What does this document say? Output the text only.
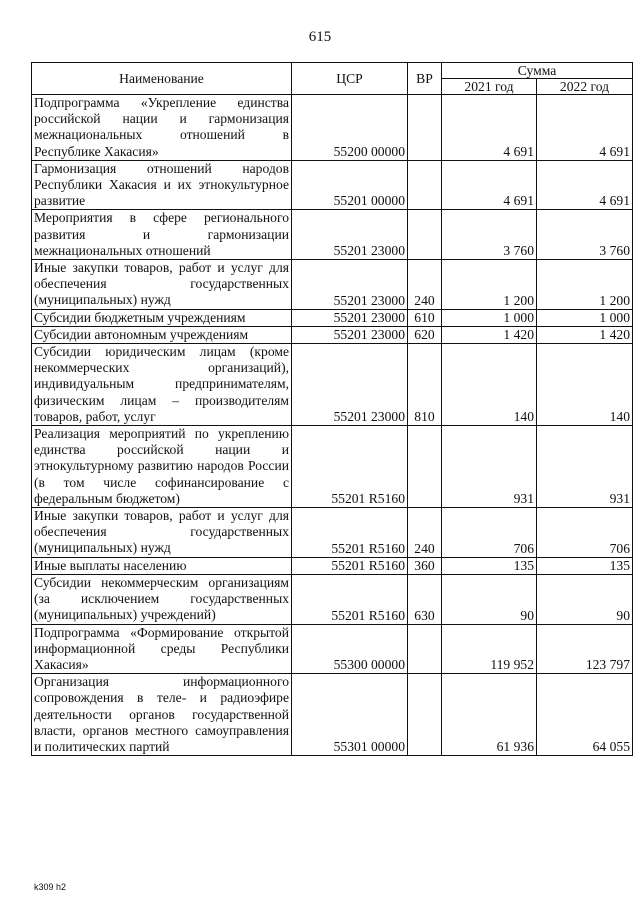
615
Наименование	ЦСР	ВР	Сумма	
			2021 год	2022 год
Подпрограмма «Укрепление единства российской нации и гармонизация межнациональных отношений в Республике Хакасия»	55200 00000		4 691	4 691
Гармонизация отношений народов Республики Хакасия и их этнокультурное развитие	55201 00000		4 691	4 691
Мероприятия в сфере регионального развития и гармонизации межнациональных отношений	55201 23000		3 760	3 760
Иные закупки товаров, работ и услуг для обеспечения государственных (муниципальных) нужд	55201 23000	240	1 200	1 200
Субсидии бюджетным учреждениям	55201 23000	610	1 000	1 000
Субсидии автономным учреждениям	55201 23000	620	1 420	1 420
Субсидии юридическим лицам (кроме некоммерческих организаций), индивидуальным предпринимателям, физическим лицам – производителям товаров, работ, услуг	55201 23000	810	140	140
Реализация мероприятий по укреплению единства российской нации и этнокультурному развитию народов России (в том числе софинансирование с федеральным бюджетом)	55201 R5160		931	931
Иные закупки товаров, работ и услуг для обеспечения государственных (муниципальных) нужд	55201 R5160	240	706	706
Иные выплаты населению	55201 R5160	360	135	135
Субсидии некоммерческим организациям (за исключением государственных (муниципальных) учреждений)	55201 R5160	630	90	90
Подпрограмма «Формирование открытой информационной среды Республики Хакасия»	55300 00000		119 952	123 797
Организация информационного сопровождения в теле- и радиоэфире деятельности органов государственной власти, органов местного самоуправления и политических партий	55301 00000		61 936	64 055
k309 h2
